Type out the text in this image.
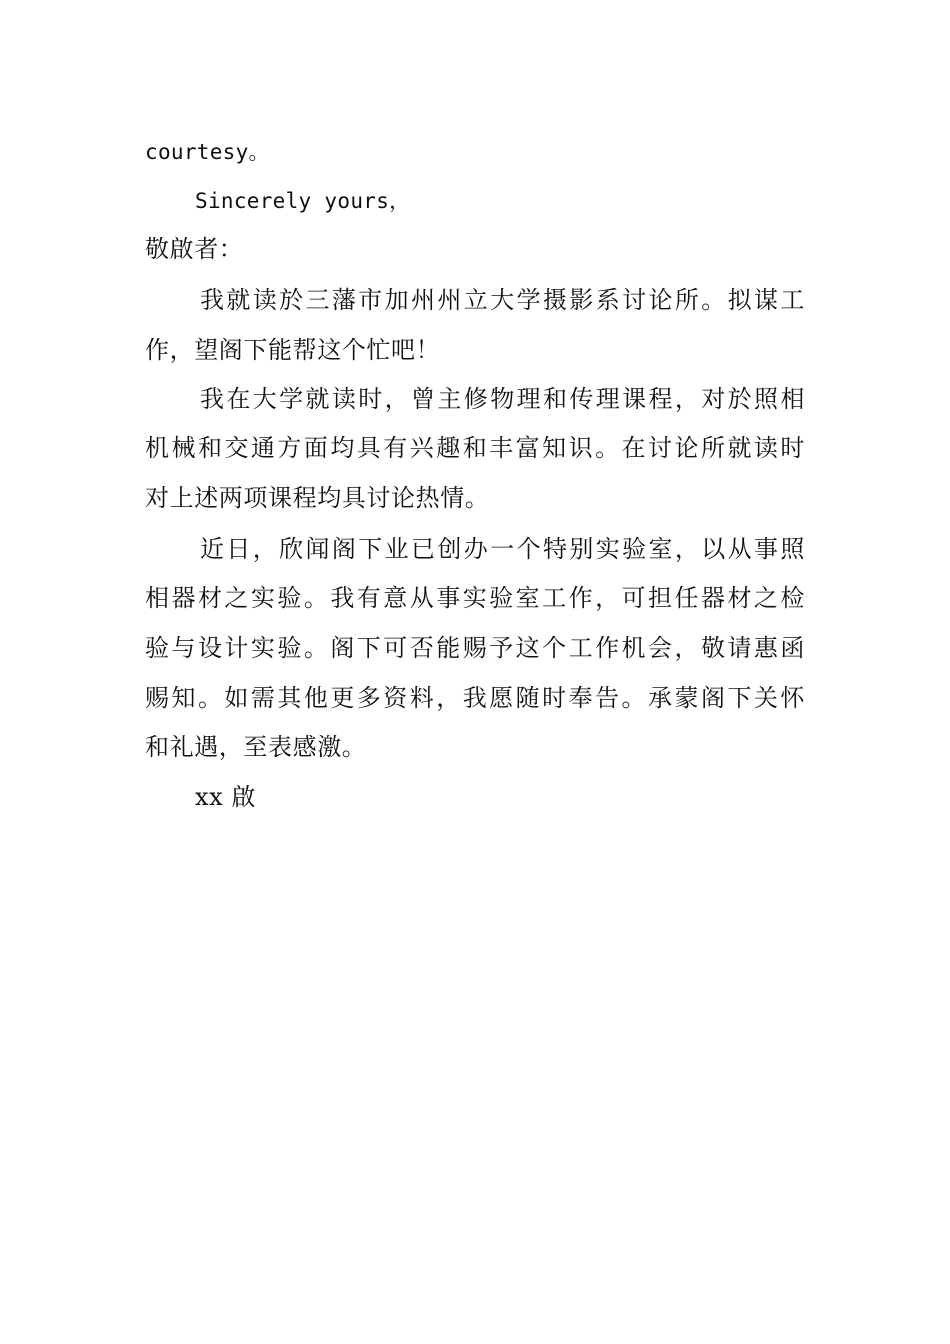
courtesy。
Sincerely yours，
敬啟者：
我就读於三藩市加州州立大学摄影系讨论所。拟谋工
作，望阁下能帮这个忙吧！
我在大学就读时，曾主修物理和传理课程，对於照相
机械和交通方面均具有兴趣和丰富知识。在讨论所就读时
对上述两项课程均具讨论热情。
近日，欣闻阁下业已创办一个特别实验室，以从事照
相器材之实验。我有意从事实验室工作，可担任器材之检
验与设计实验。阁下可否能赐予这个工作机会，敬请惠函
赐知。如需其他更多资料，我愿随时奉告。承蒙阁下关怀
和礼遇，至表感激。
xx 啟
